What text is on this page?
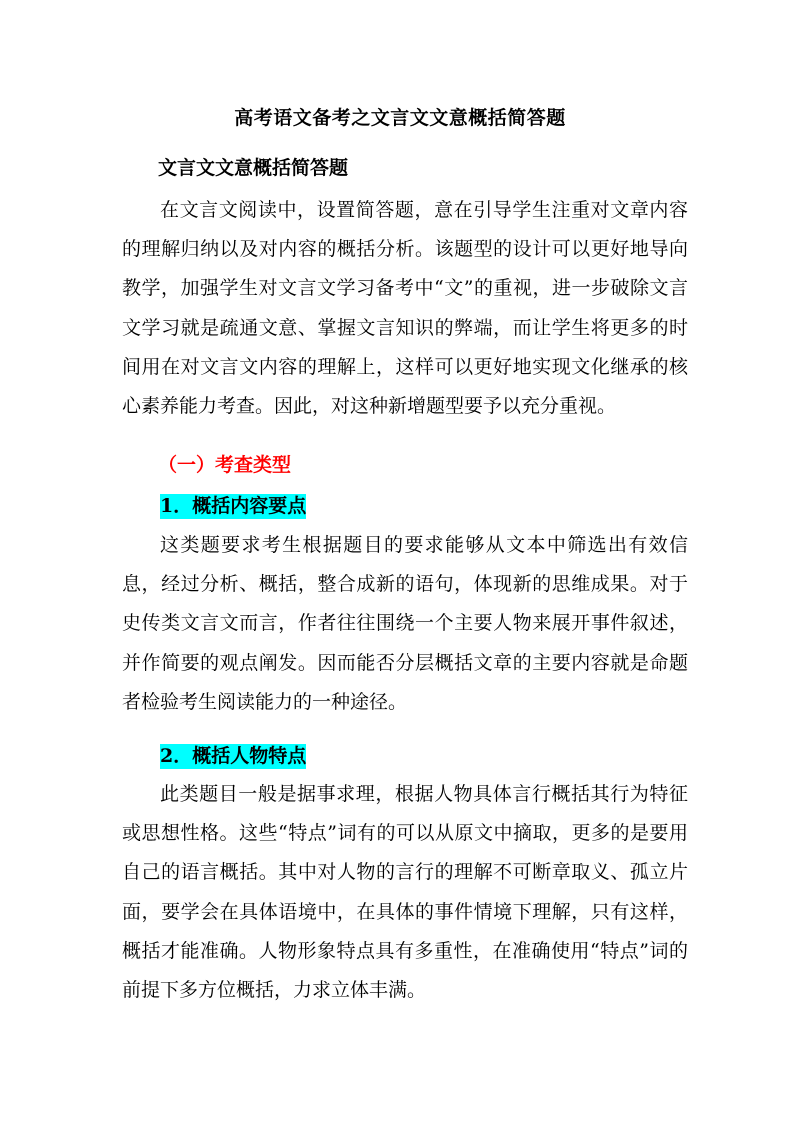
高考语文备考之文言文文意概括简答题
文言文文意概括简答题

在文言文阅读中，设置简答题，意在引导学生注重对文章内容的理解归纳以及对内容的概括分析。该题型的设计可以更好地导向教学，加强学生对文言文学习备考中“文”的重视，进一步破除文言文学习就是疏通文意、掌握文言知识的弊端，而让学生将更多的时间用在对文言文内容的理解上，这样可以更好地实现文化继承的核心素养能力考查。因此，对这种新增题型要予以充分重视。

（一）考查类型
1．概括内容要点

这类题要求考生根据题目的要求能够从文本中筛选出有效信息，经过分析、概括，整合成新的语句，体现新的思维成果。对于史传类文言文而言，作者往往围绕一个主要人物来展开事件叙述，并作简要的观点阐发。因而能否分层概括文章的主要内容就是命题者检验考生阅读能力的一种途径。

2．概括人物特点

此类题目一般是据事求理，根据人物具体言行概括其行为特征或思想性格。这些“特点”词有的可以从原文中摘取，更多的是要用自己的语言概括。其中对人物的言行的理解不可断章取义、孤立片面，要学会在具体语境中，在具体的事件情境下理解，只有这样，概括才能准确。人物形象特点具有多重性，在准确使用“特点”词的前提下多方位概括，力求立体丰满。
